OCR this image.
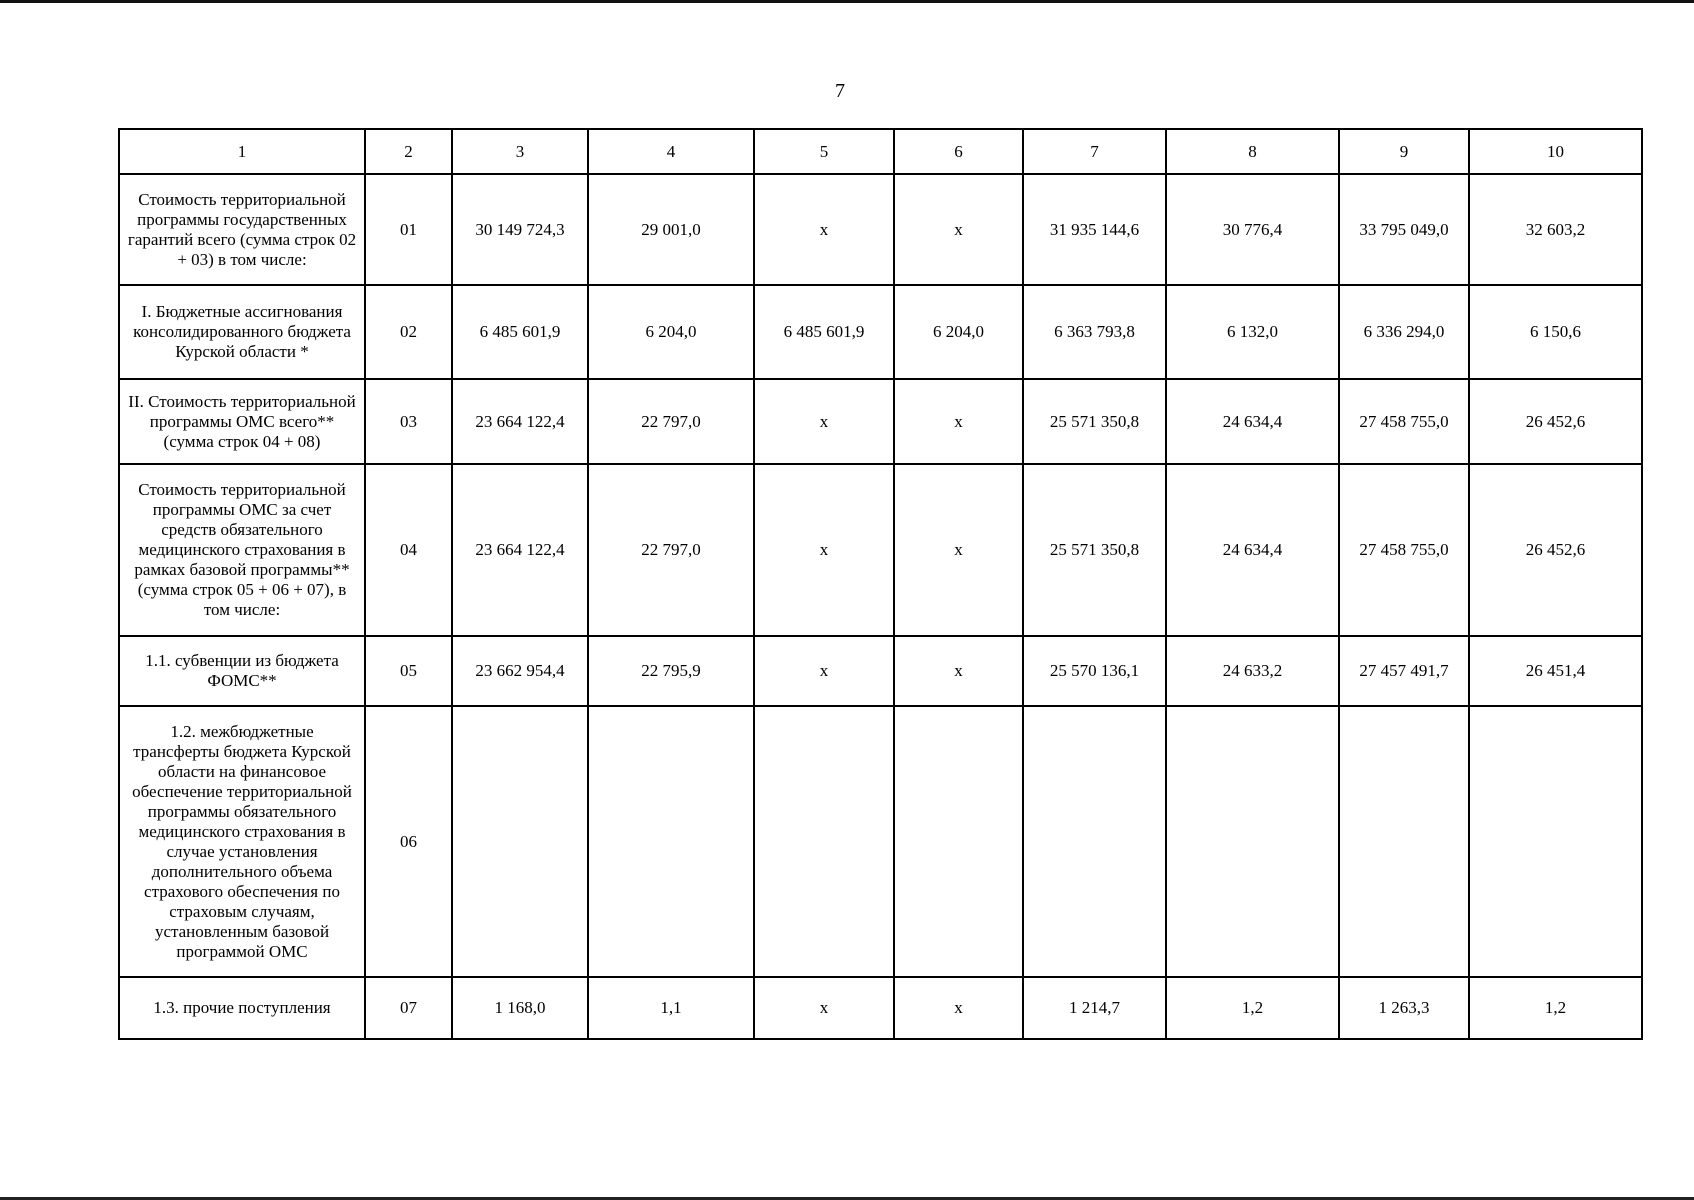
7
1	2	3	4	5	6	7	8	9	10
Стоимость территориальной программы государственных гарантий всего (сумма строк 02 + 03) в том числе:	01	30 149 724,3	29 001,0	x	x	31 935 144,6	30 776,4	33 795 049,0	32 603,2
I. Бюджетные ассигнования консолидированного бюджета Курской области *	02	6 485 601,9	6 204,0	6 485 601,9	6 204,0	6 363 793,8	6 132,0	6 336 294,0	6 150,6
II. Стоимость территориальной программы ОМС всего** (сумма строк 04 + 08)	03	23 664 122,4	22 797,0	x	x	25 571 350,8	24 634,4	27 458 755,0	26 452,6
Стоимость территориальной программы ОМС за счет средств обязательного медицинского страхования в рамках базовой программы** (сумма строк 05 + 06 + 07), в том числе:	04	23 664 122,4	22 797,0	x	x	25 571 350,8	24 634,4	27 458 755,0	26 452,6
1.1. субвенции из бюджета ФОМС**	05	23 662 954,4	22 795,9	x	x	25 570 136,1	24 633,2	27 457 491,7	26 451,4
1.2. межбюджетные трансферты бюджета Курской области на финансовое обеспечение территориальной программы обязательного медицинского страхования в случае установления дополнительного объема страхового обеспечения по страховым случаям, установленным базовой программой ОМС	06								
1.3. прочие поступления	07	1 168,0	1,1	x	x	1 214,7	1,2	1 263,3	1,2
